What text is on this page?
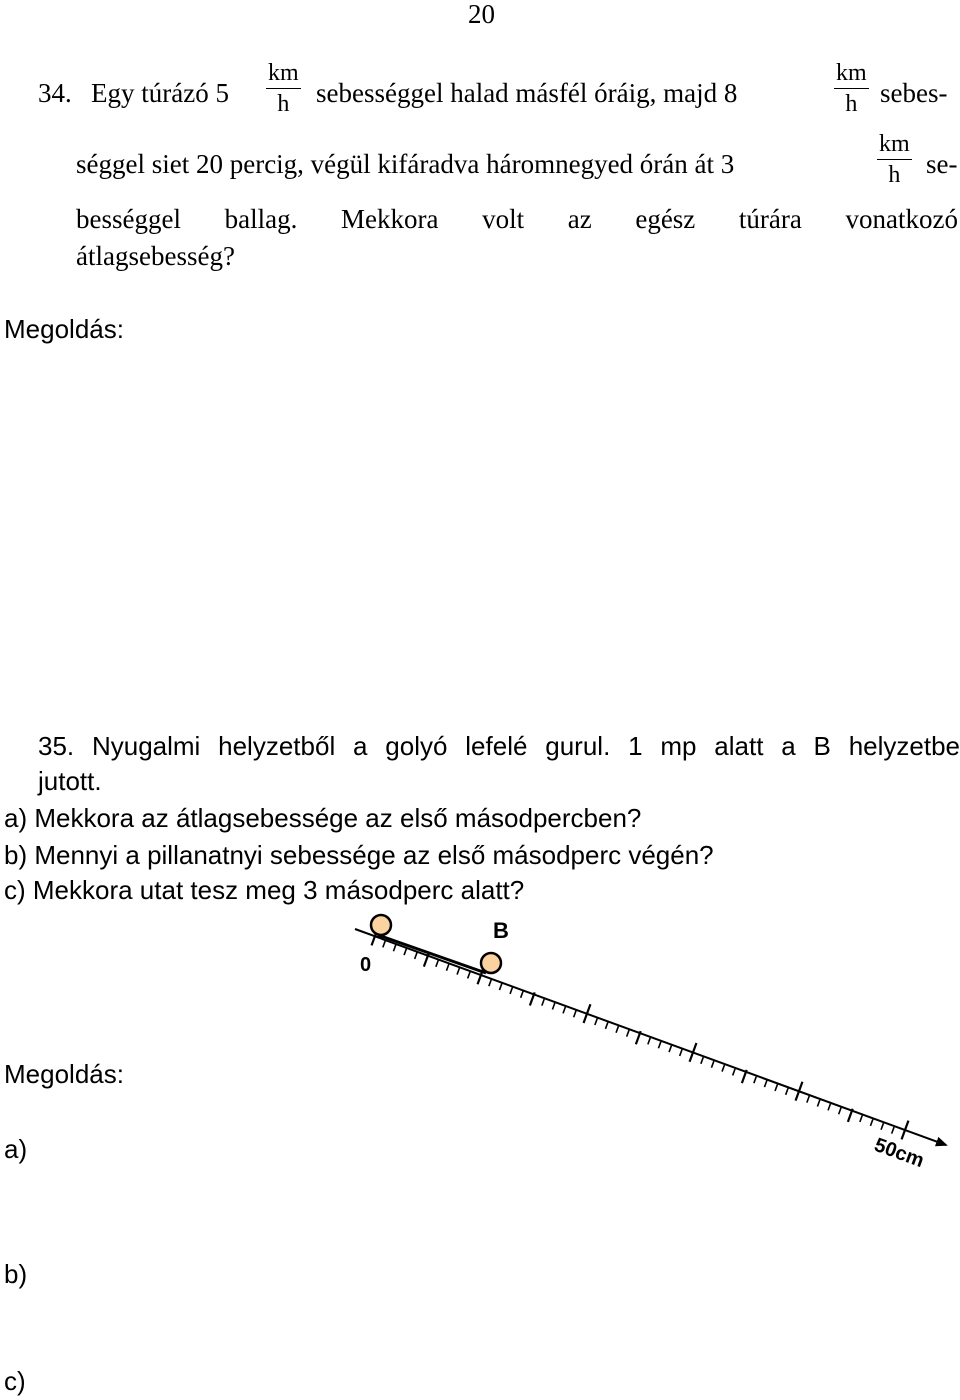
20
34. Egy túrázó $5 \frac{km}{h}$ sebességgel halad másfél óráig, majd 8	$\frac{km}{h}$ sebes-
séggel siet 20 percig, végül kifáradva háromnegyed órán át 3	$\frac{km}{h} se-$
bességgel ballag. Mekkora volt az egész túrára vonatkozó
átlagsebesség?
Megoldás:
35. Nyugalmi helyzetből a golyó lefelé gurul. 1 mp alatt a B helyzetbe
jutott.
a) Mekkora az átlagsebessége az első másodpercben?
b) Mennyi a pillanatnyi sebessége az első másodperc végén?
c) Mekkora utat tesz meg 3 másodperc alatt?
0
B
50cm
Megoldás:
a)
b)
c)
